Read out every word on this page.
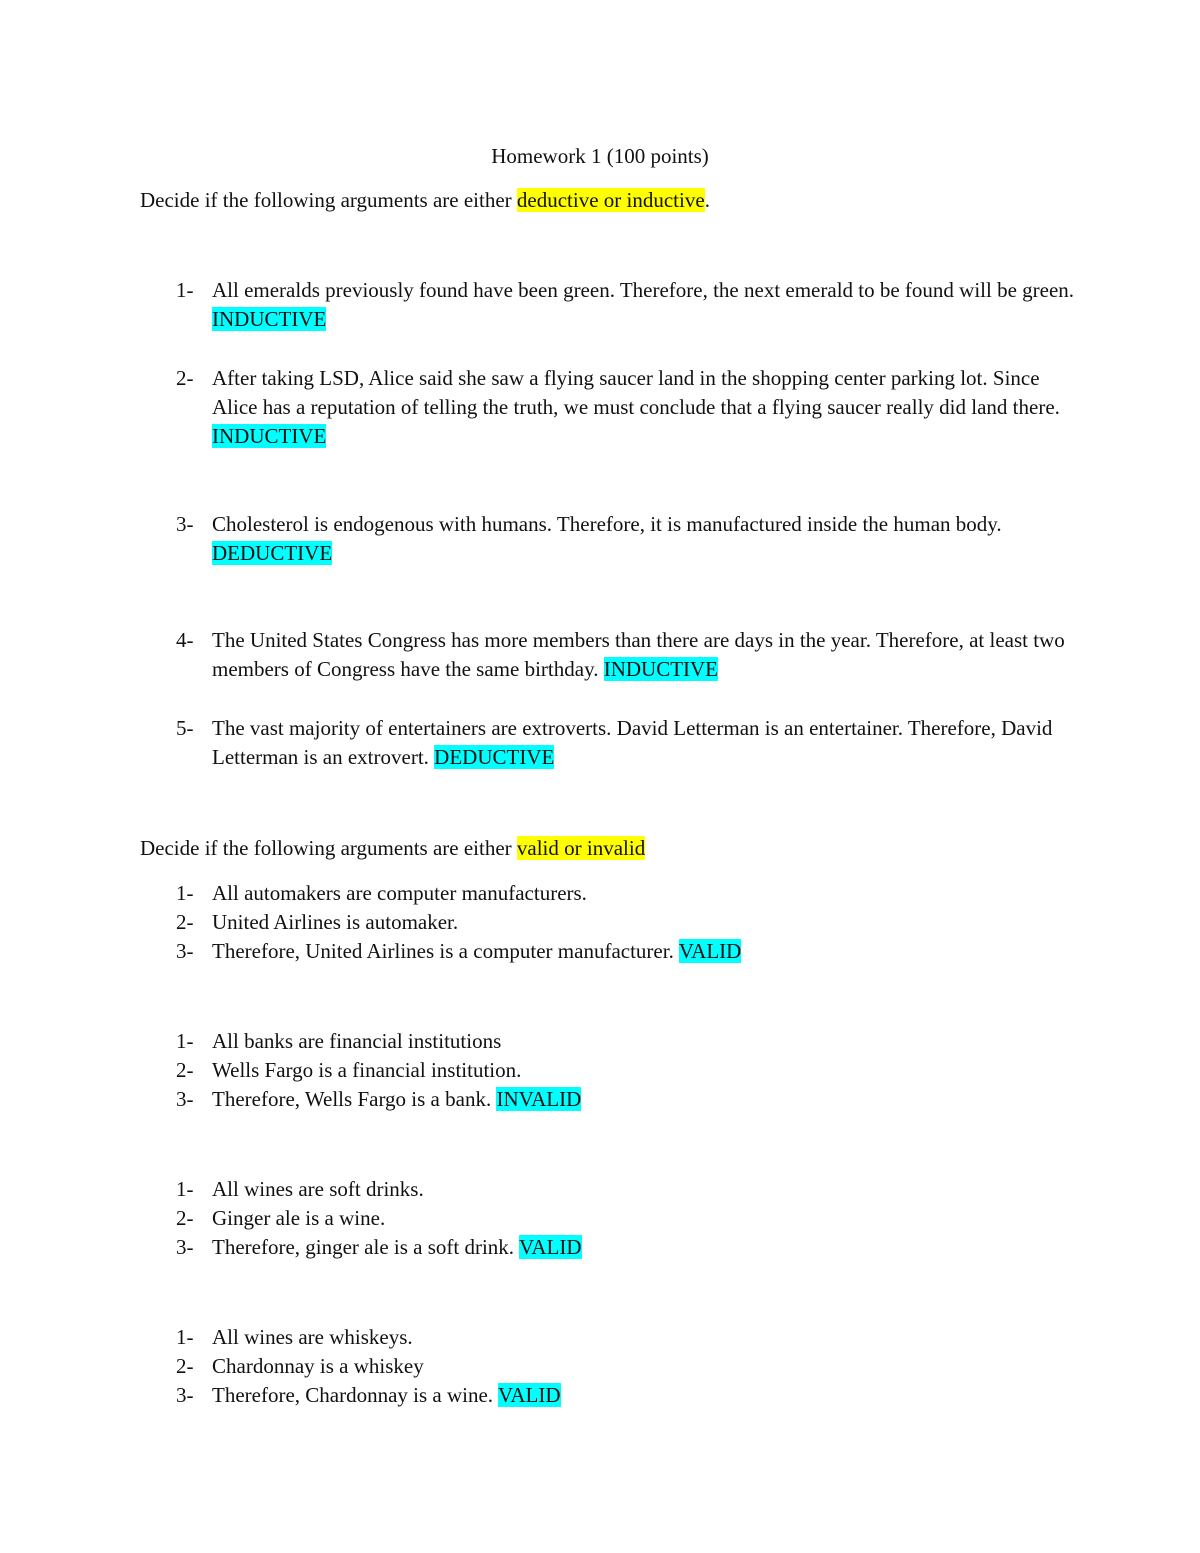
Homework 1 (100 points)
Decide if the following arguments are either deductive or inductive.
1- All emeralds previously found have been green. Therefore, the next emerald to be found will be green. INDUCTIVE
2- After taking LSD, Alice said she saw a flying saucer land in the shopping center parking lot. Since Alice has a reputation of telling the truth, we must conclude that a flying saucer really did land there. INDUCTIVE
3- Cholesterol is endogenous with humans. Therefore, it is manufactured inside the human body. DEDUCTIVE
4- The United States Congress has more members than there are days in the year. Therefore, at least two members of Congress have the same birthday. INDUCTIVE
5- The vast majority of entertainers are extroverts. David Letterman is an entertainer. Therefore, David Letterman is an extrovert. DEDUCTIVE
Decide if the following arguments are either valid or invalid
1- All automakers are computer manufacturers.
2- United Airlines is automaker.
3- Therefore, United Airlines is a computer manufacturer. VALID
1- All banks are financial institutions
2- Wells Fargo is a financial institution.
3- Therefore, Wells Fargo is a bank. INVALID
1- All wines are soft drinks.
2- Ginger ale is a wine.
3- Therefore, ginger ale is a soft drink. VALID
1- All wines are whiskeys.
2- Chardonnay is a whiskey
3- Therefore, Chardonnay is a wine. VALID
